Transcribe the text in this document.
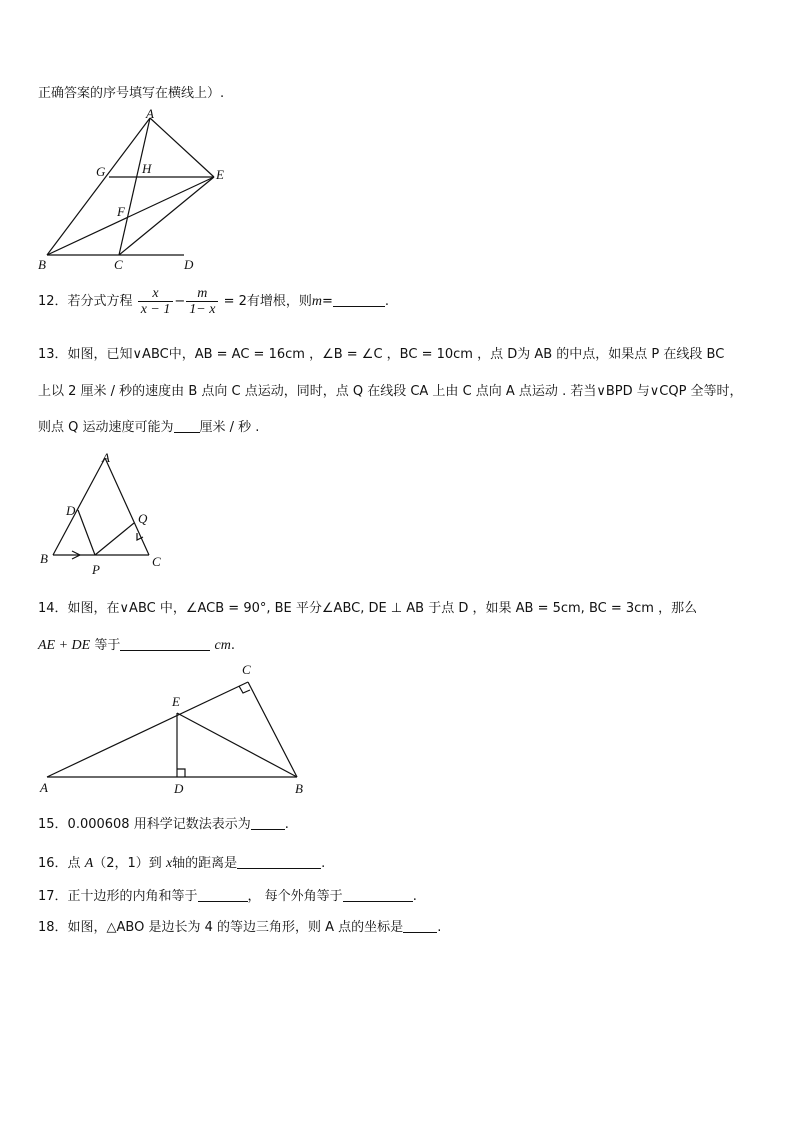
正确答案的序号填写在横线上）.
A
G	H	E
F
B	C	D
12．若分式方程 $\frac{x}{x - 1} - \frac{m}{1- x} = 2$有增根，则m=	.
13．如图，已知∨ABC中，AB = AC = 16cm ，∠B = ∠C ，BC = 10cm ，点 D为 AB 的中点，如果点 P 在线段 BC
上以 2 厘米 / 秒的速度由 B 点向 C 点运动，同时，点 Q 在线段 CA 上由 C 点向 A 点运动 . 若当∨BPD 与∨CQP 全等时，
则点 Q 运动速度可能为 厘米 / 秒 .
A
D
Q
B
P
C
14．如图，在∨ABC 中，∠ACB = 90°, BE 平分∠ABC, DE ⊥ AB 于点 D ，如果 AB = 5cm, BC = 3cm ，那么
AE + DE 等于	cm.
C
E
A	D	B
15．0.000608 用科学记数法表示为	.
16．点 A（2，1）到 x轴的距离是	.
17．正十边形的内角和等于	， 每个外角等于	.
18．如图，△ABO 是边长为 4 的等边三角形，则 A 点的坐标是	.
